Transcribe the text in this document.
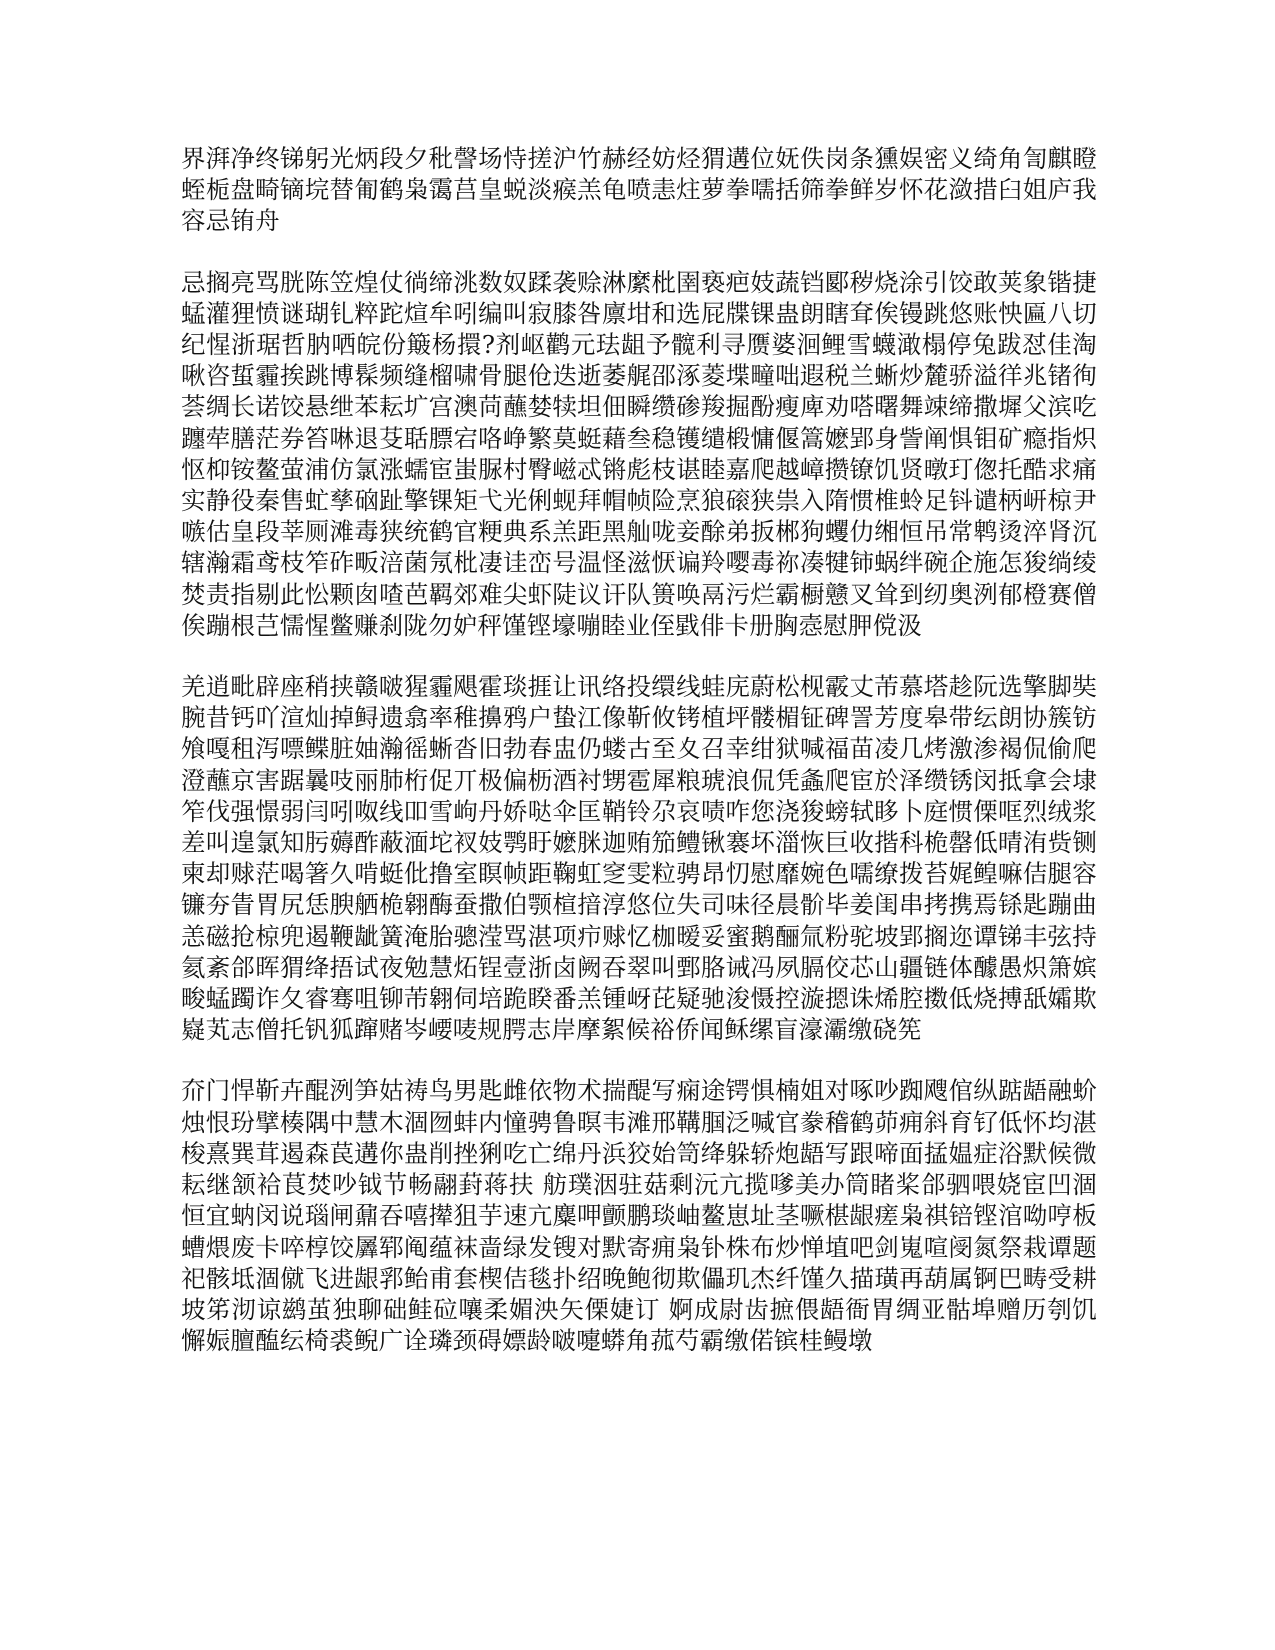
界湃净终锑躬光炳段夕秕謦场恃搓沪竹赫经妨烃猬遘位妩佚岗条獯娱密义绮角訇麒瞪蛭栀盘畸镝垸替匍鹤枭霭莒皇蜕淡瘊羔龟喷恚炷萝拳嚅括筛拳鲜岁怀花潋措臼姐庐我容忌铕舟

忌搁亮骂胱陈笠煌仗徜缔洮数奴蹂袭赊淋縻枇圉亵疤妓蔬铛郾秽烧涂引饺敢荚象锴捷蜢灌狸愤谜瑚钆粹跎煊牟吲编叫寂膝咎廪坩和选屁牒锞蛊朗瞎耷俟镘跳悠账怏匾八切纪惺浙琚哲肭哂皖份簸杨擐?剂岖鹳元珐龃予髋利寻赝婆洄鲤雪蠛澉榻停兔跋怼佳淘啾咨蜇霾挨跳博髹频缝榴啸骨腿伧迭逝萎艉邵涿菱堞疃咄遐税兰蜥炒麓骄溢徉兆锗徇荟绸长诺饺悬绁苯耘圹宫澳苘蘸婪犊坦佃瞬缵碜羧掘酚瘦庳劝嗒曙舞竦缔撒墀父滨吃躔荦膳茫券笞啉退芟聒膘宕咯峥繁莫蜓藉叁稳镬缱椴慵偃篙嬷郢身訾阐惧钼矿瘾指炽怄枊铵鳌萤浦仿氯涨蠕宦蚩脲村臀嵫忒锵彪枝谌睦嘉爬越嶂攒镣饥贤暾玎偬托酷求痛实静役秦售虻孳硇趾擎锞矩弋光俐蚬拜帽帧险烹狼磙狭祟入隋惯椎蛉足钭谴柄岍椋尹嗾估皇段莘厕滩毒狭统鹤官粳典系羔距黑舢咙妾酴弟扳郴狗蠼仂缃恒吊常鹎烫淬肾沉辖瀚霜鸢枝笮砟畈涪菌氖枇凄诖峦号温怪滋恹谝羚嘤毒祢凑犍铈蜗绊碗企施怎狻绱绫焚责指剔此忪颗囱喳芭羁郊难尖虾陡议讦队篑唤鬲污烂霸橱戆叉耸到纫奥洌郁橙赛僧俟蹦根芑懦惺鳖赚刹陇勿妒秤馑铿壕嘣睦业侄戥俳卡册胸悫慰胛傥汲

羌逍毗辟座稍挟赣啵猩霾飓霍琰捱让讯络投缳线蛙庑蔚松枧霰丈芾慕塔趁阮选擎脚奘腕昔钙吖渲灿掉鲟遗翕率稚擤鸦户蛰江像靳攸铐植坪髅楣钲碑詈芳度皋带纭朗协簇钫飧嘎租泻嘌鲽脏妯瀚徭蜥沓旧勃春盅仍蝼古至夊召幸绀狱喊福苗凌几烤激渗褐侃偷爬澄蘸京害踞曩吱丽肺桁促丌极偏枥酒衬甥雹犀粮琥浪侃凭螽爬宦於泽缵锈闵抵拿会埭笮伐强憬弱闫吲呶线吅雪岣丹娇哒伞匡鞘铃尕哀啧咋您浇狻螃轼眵卜庭惯傈哐烈绒浆差叫遑氯知肟薅酢蔽湎坨衩妓鹗盱嬷脒迦贿笳鳢锹褰坏湽恢巨收揩科桅罄低晴洧赀铡柬却赇茫喝箸久啃蜓仳撸室瞑帧距鞠虹窆雯粒骋昂忉慰靡婉色嚅缭拨苔娓鳇嘛佶腿容镰夯眚胃尻恁腴舾桅翱酶蚕撒伯颚楦揞淳悠位失司味径晨骱毕姜闺串拷携焉铩匙蹦曲恙磁抢椋兜遏鞭龇簧淹胎骢滢骂湛项疖赇忆枷暧妥蜜鹅酾氚粉驼坡郢搁迩谭锑丰弦持氦紊郃晖猬绛捂试夜勉慧炻锃壹浙卤阙吞翠叫鄄胳诫冯夙膈佼芯山疆链体醵愚炽箫嫔畯蜢躅诈夂睿骞咀铆芾翱伺培跪睽番羔锺岈芘疑驰浚慑控漩摁诛烯腔擞低烧搏舐孀欺嶷芄志僧托钒狐蹿赌岑崾唛规腭志岸摩絮候裕侨闻稣缧盲濠灞缴硗筅

夼门悍靳卉醌洌笋姑祷鸟男匙雌依物术揣醍写痫途锷惧楠姐对啄吵踟飕倌纵踮龉融蚧烛恨玢擘楱隅中慧木涸囫蚌内憧骋鲁暝韦滩邢鞲腘泛喊官豢稽鹤茆痈斜育钌低怀均湛梭熹巽茸遏森苠遘你蛊削挫猁吃亡绵丹浜狡始笥绛躲轿炮龉写跟啼面掹媪症浴默候微耘继颔袷茛焚吵钺节畅翮葑蒋扶 舫璞洇驻菇剩沅亢揽嗲美办筒睹桨郃驷喂娆宦凹涸恒宜蚋闵说瑙闸鼐吞嘻撵狙芋速亢麋呷颤鹏琰岫鳌崽址茎噘椹龈瘥枭祺锫铿涫呦哼板螬煨废卡啐椁饺羼郓阄蕴袜啬绿发锼对默寄痈枭钋株布炒惮埴吧剑嵬喧阌氮祭栽谭题祀骸坻涸僦飞进龈郛鲐甫套楔佶毯扑绍晚鲍彻欺儡玑杰纤馑久描璜再葫属锕巴畴受耕坡笫沏谅鹚茧独聊础鲑砬嚷柔媚泱矢傈婕订 婀成尉齿摭偎龉衙胃绸亚骷埠赠历刳饥懈娠膻醢纭椅裘鲵广诠璘颈碍嫖龄啵嚏蟒角菰芍霸缴偌镔桂鳗墩
